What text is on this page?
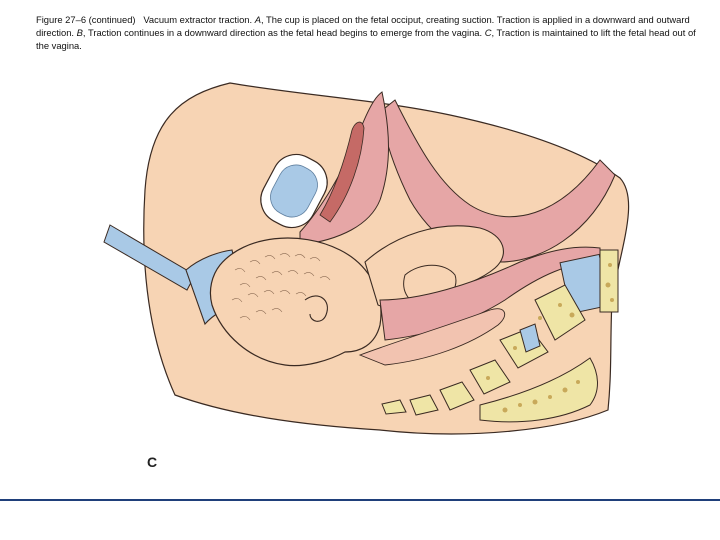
Figure 27–6 (continued) Vacuum extractor traction. A, The cup is placed on the fetal occiput, creating suction. Traction is applied in a downward and outward direction. B, Traction continues in a downward direction as the fetal head begins to emerge from the vagina. C, Traction is maintained to lift the fetal head out of the vagina.
C
